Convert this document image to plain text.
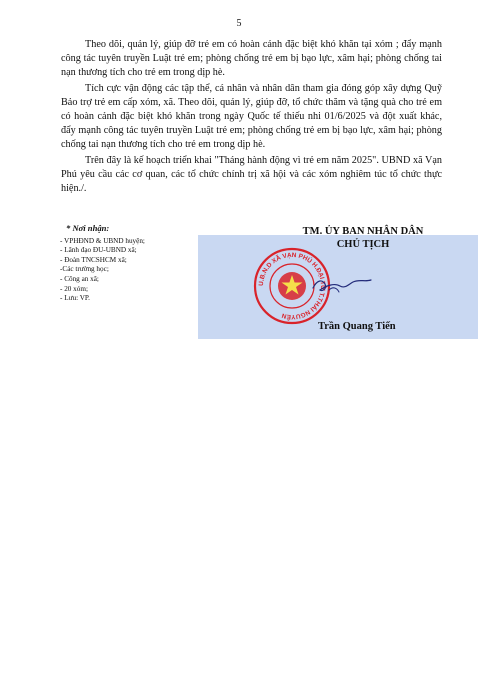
5

Theo dõi, quản lý, giúp đỡ trẻ em có hoàn cảnh đặc biệt khó khăn tại xóm ; đẩy mạnh công tác tuyên truyền Luật trẻ em; phòng chống trẻ em bị bạo lực, xâm hại; phòng chống tai nạn thương tích cho trẻ em trong dịp hè.

Tích cực vận động các tập thể, cá nhân và nhân dân tham gia đóng góp xây dựng Quỹ Bảo trợ trẻ em cấp xóm, xã. Theo dõi, quản lý, giúp đỡ, tổ chức thăm và tặng quà cho trẻ em có hoàn cảnh đặc biệt khó khăn trong ngày Quốc tế thiếu nhi 01/6/2025 và đột xuất khác, đẩy mạnh công tác tuyên truyền Luật trẻ em; phòng chống trẻ em bị bạo lực, xâm hại; phòng chống tai nạn thương tích cho trẻ em trong dịp hè.

Trên đây là kế hoạch triển khai "Tháng hành động vì trẻ em năm 2025". UBND xã Vạn Phú yêu cầu các cơ quan, các tổ chức chính trị xã hội và các xóm nghiêm túc tổ chức thực hiện./.

* Nơi nhận:
- VPHĐND & UBND huyện;
- Lãnh đạo ĐU-UBND xã;
- Đoàn TNCSHCM xã;
-Các trường học;
- Công an xã;
- 20 xóm;
- Lưu: VP.
TM. ỦY BAN NHÂN DÂN
CHỦ TỊCH
U.B.N.D XÃ VẠN PHÚ H.ĐẠI TỪ T.THÁI NGUYÊN
Trần Quang Tiến
